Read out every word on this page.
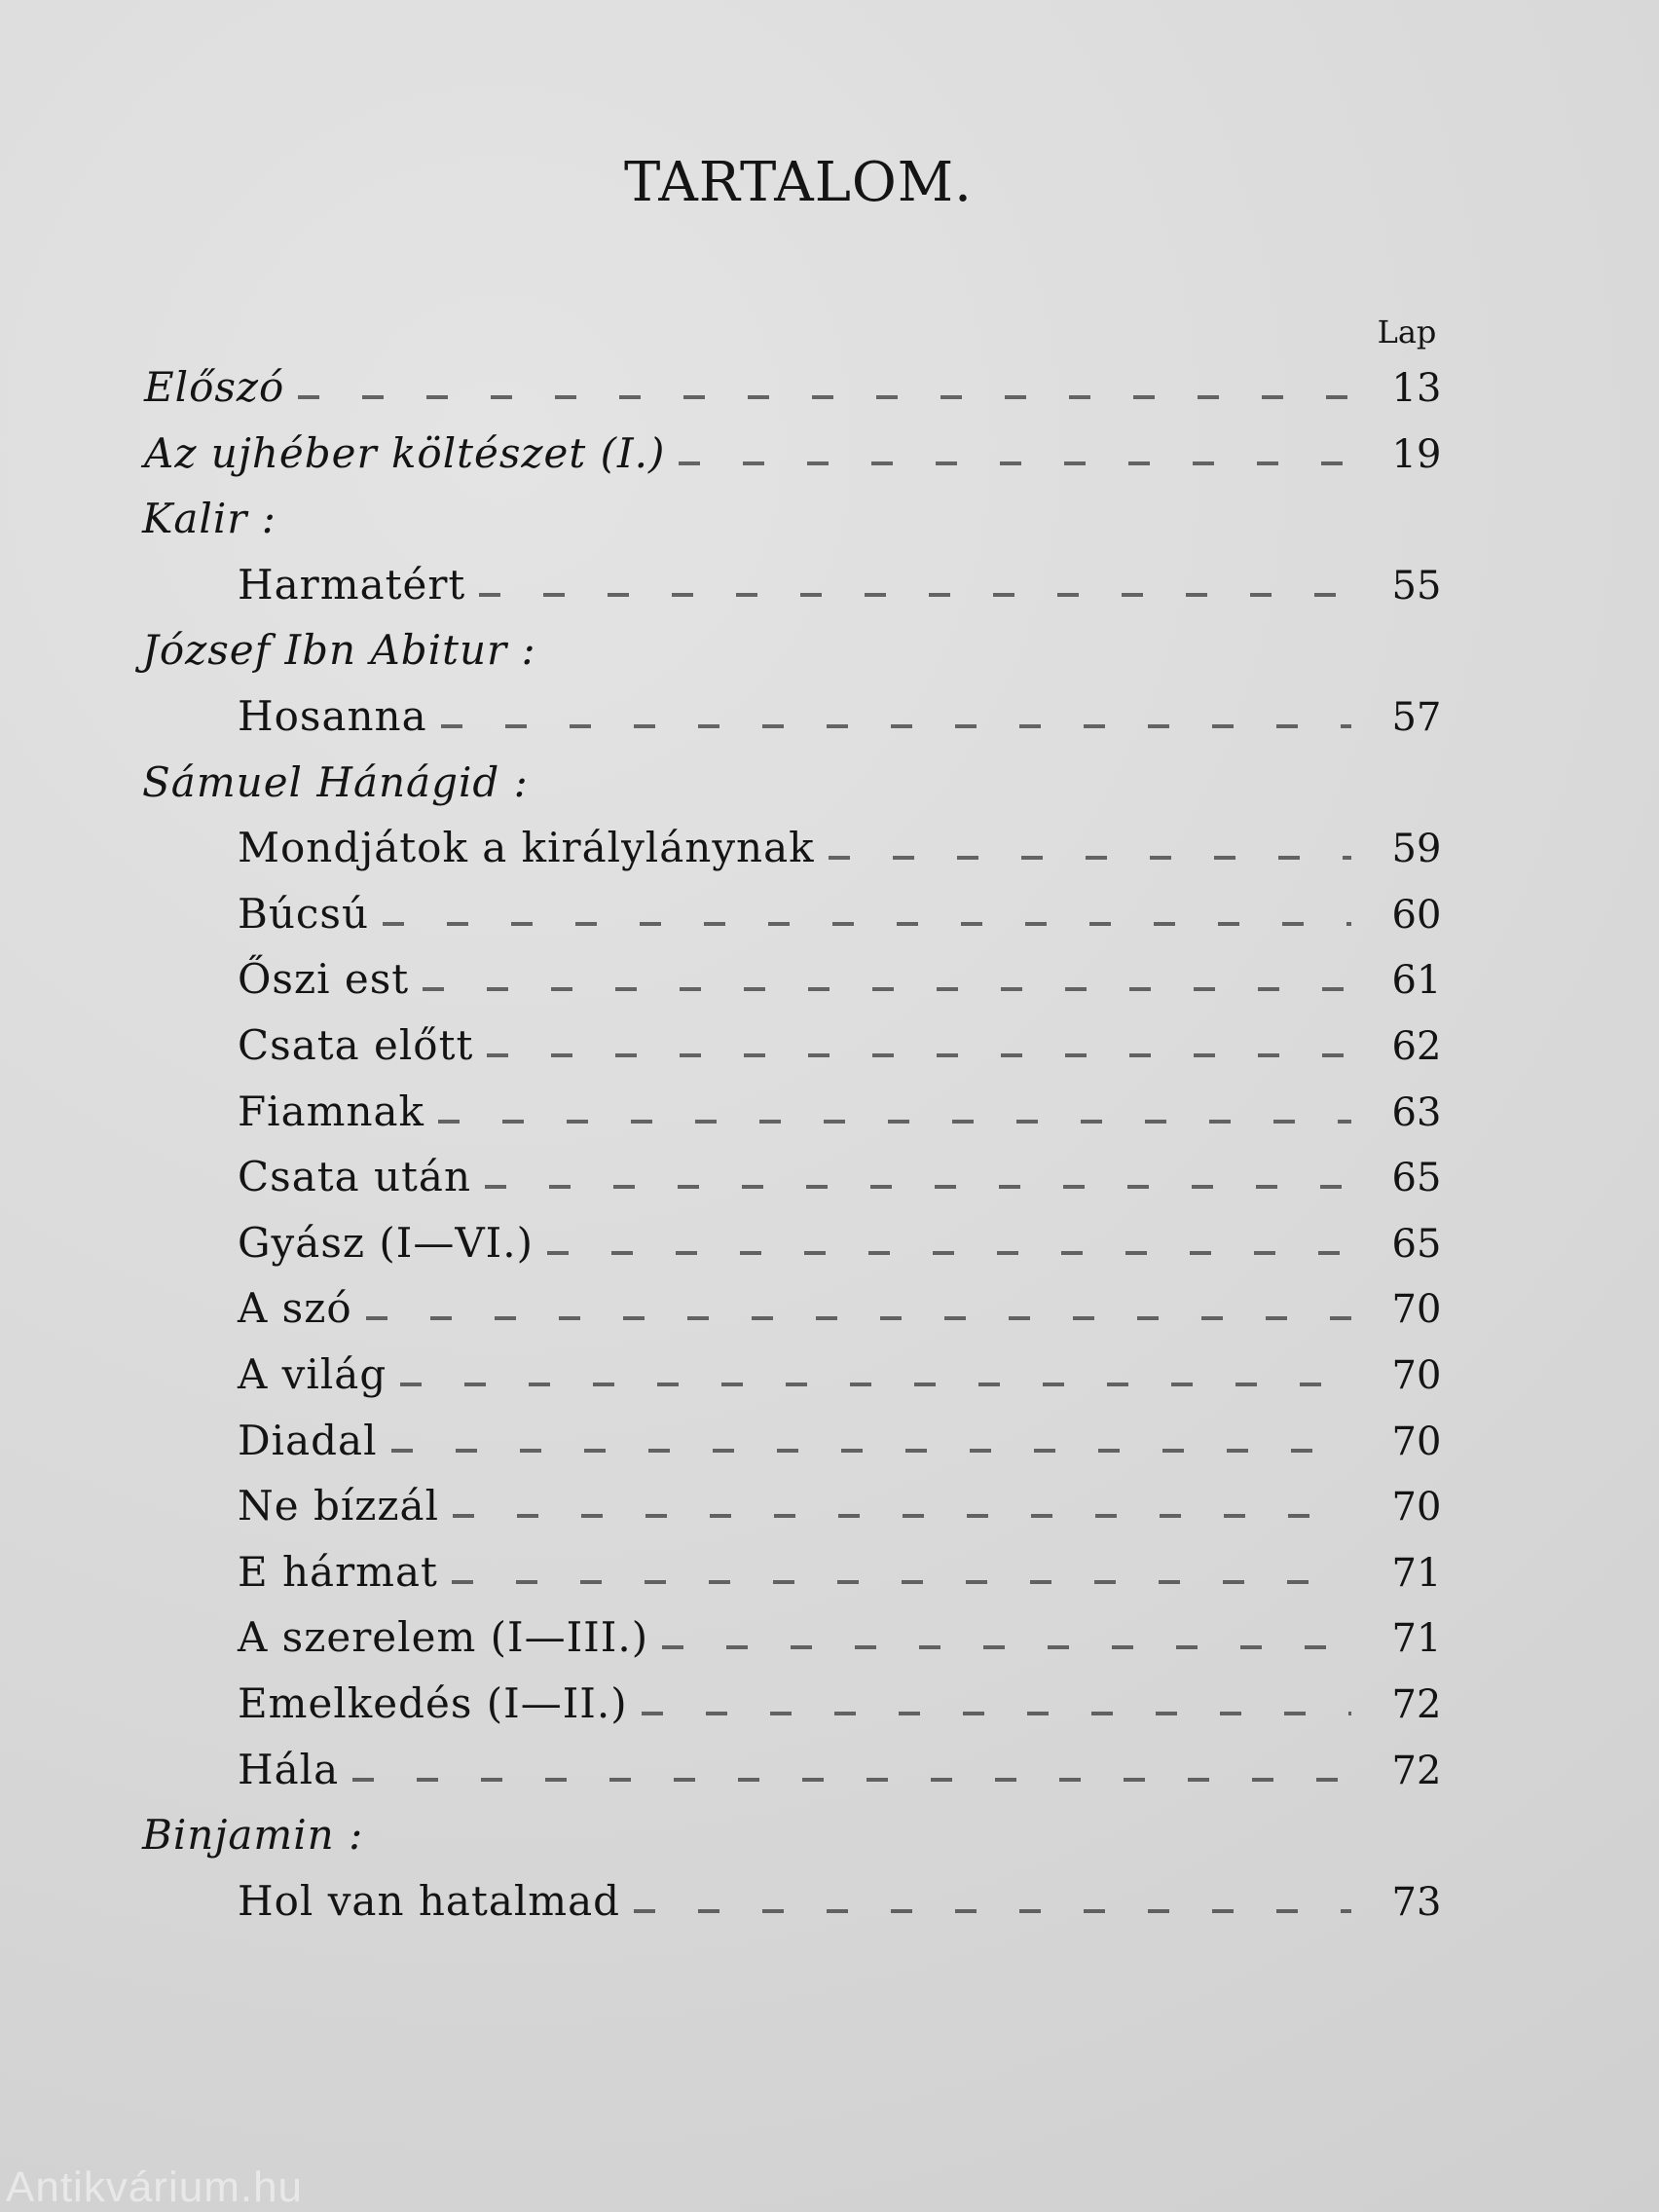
TARTALOM.
Lap
Előszó	13
Az ujhéber költészet (I.)	19
Kalir :
Harmatért	55
József Ibn Abitur :
Hosanna	57
Sámuel Hánágid :
Mondjátok a királylánynak	59
Búcsú	60
Őszi est	61
Csata előtt	62
Fiamnak	63
Csata után	65
Gyász (I—VI.)	65
A szó	70
A világ	70
Diadal	70
Ne bízzál	70
E hármat	71
A szerelem (I—III.)	71
Emelkedés (I—II.)	72
Hála	72
Binjamin :
Hol van hatalmad	73
Antikvárium.hu
